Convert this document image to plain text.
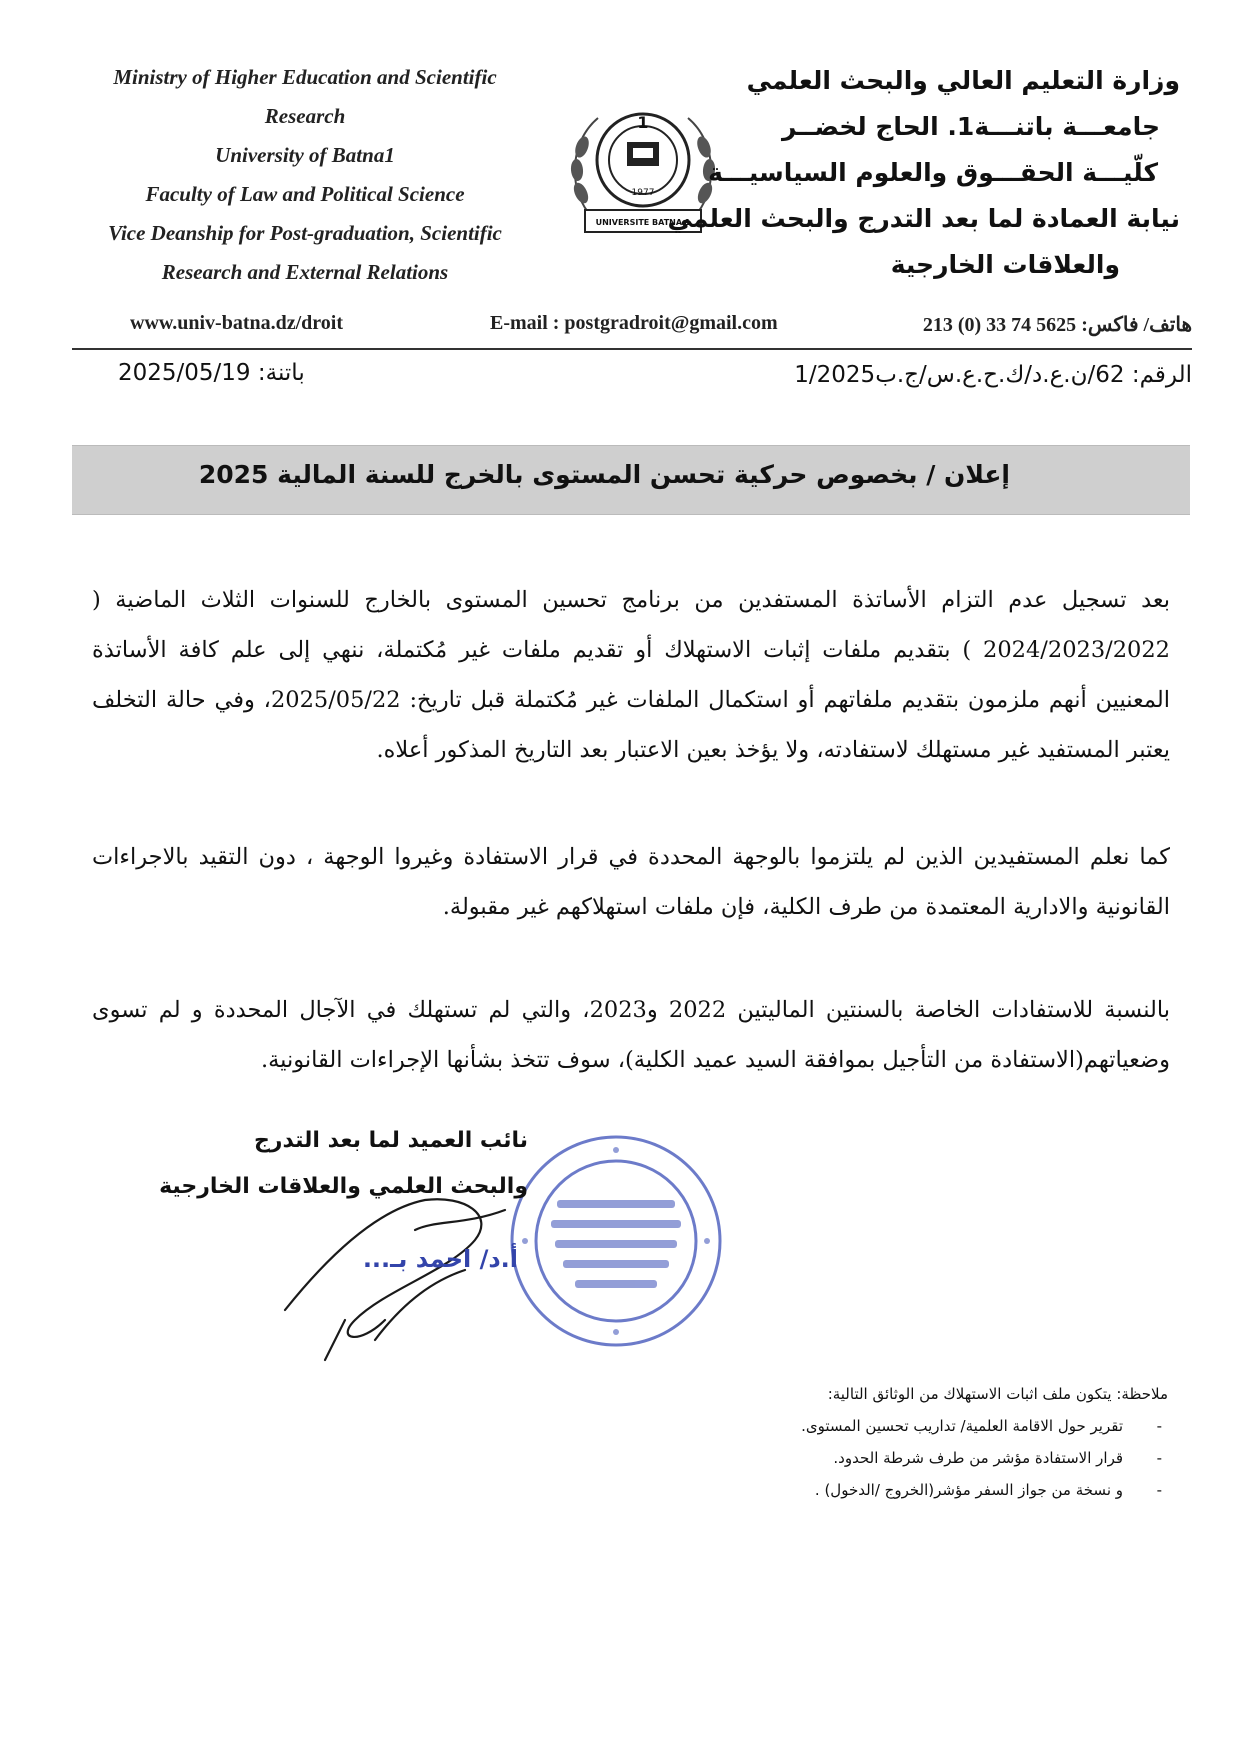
Ministry of Higher Education and Scientific
Research
University of Batna1
Faculty of Law and Political Science
Vice Deanship for Post-graduation, Scientific
Research and External Relations
1
1977
UNIVERSITE BATNA 1
وزارة التعليم العالي والبحث العلمي
جامعـــة باتنـــة1. الحاج لخضــر
كلّيـــة الحقـــوق والعلوم السياسيـــة
نيابة العمادة لما بعد التدرج والبحث العلمي
والعلاقات الخارجية
www.univ-batna.dz/droit	E-mail : postgradroit@gmail.com	هاتف/ فاكس: 213 (0) 33 74 5625
باتنة: 2025/05/19	الرقم: 62/ن.ع.د/ك.ح.ع.س/ج.ب1/2025
إعلان / بخصوص حركية تحسن المستوى بالخرج للسنة المالية 2025
بعد تسجيل عدم التزام الأساتذة المستفدين من برنامج تحسين المستوى بالخارج للسنوات الثلاث الماضية ( 2024/2023/2022 ) بتقديم ملفات إثبات الاستهلاك أو تقديم ملفات غير مُكتملة، ننهي إلى علم كافة الأساتذة المعنيين أنهم ملزمون بتقديم ملفاتهم أو استكمال الملفات غير مُكتملة قبل تاريخ: 2025/05/22، وفي حالة التخلف يعتبر المستفيد غير مستهلك لاستفادته، ولا يؤخذ بعين الاعتبار بعد التاريخ المذكور أعلاه.
كما نعلم المستفيدين الذين لم يلتزموا بالوجهة المحددة في قرار الاستفادة وغيروا الوجهة ، دون التقيد بالاجراءات القانونية والادارية المعتمدة من طرف الكلية، فإن ملفات استهلاكهم غير مقبولة.
بالنسبة للاستفادات الخاصة بالسنتين الماليتين 2022 و2023، والتي لم تستهلك في الآجال المحددة و لم تسوى وضعياتهم(الاستفادة من التأجيل بموافقة السيد عميد الكلية)، سوف تتخذ بشأنها الإجراءات القانونية.
نائب العميد لما بعد التدرج
والبحث العلمي والعلاقات الخارجية
أ.د/ احمد بـ...
ملاحظة: يتكون ملف اثبات الاستهلاك من الوثائق التالية:
-  تقرير حول الاقامة العلمية/ تداريب تحسين المستوى.
-  قرار الاستفادة مؤشر من طرف شرطة الحدود.
-  و نسخة من جواز السفر مؤشر(الخروج /الدخول) .
